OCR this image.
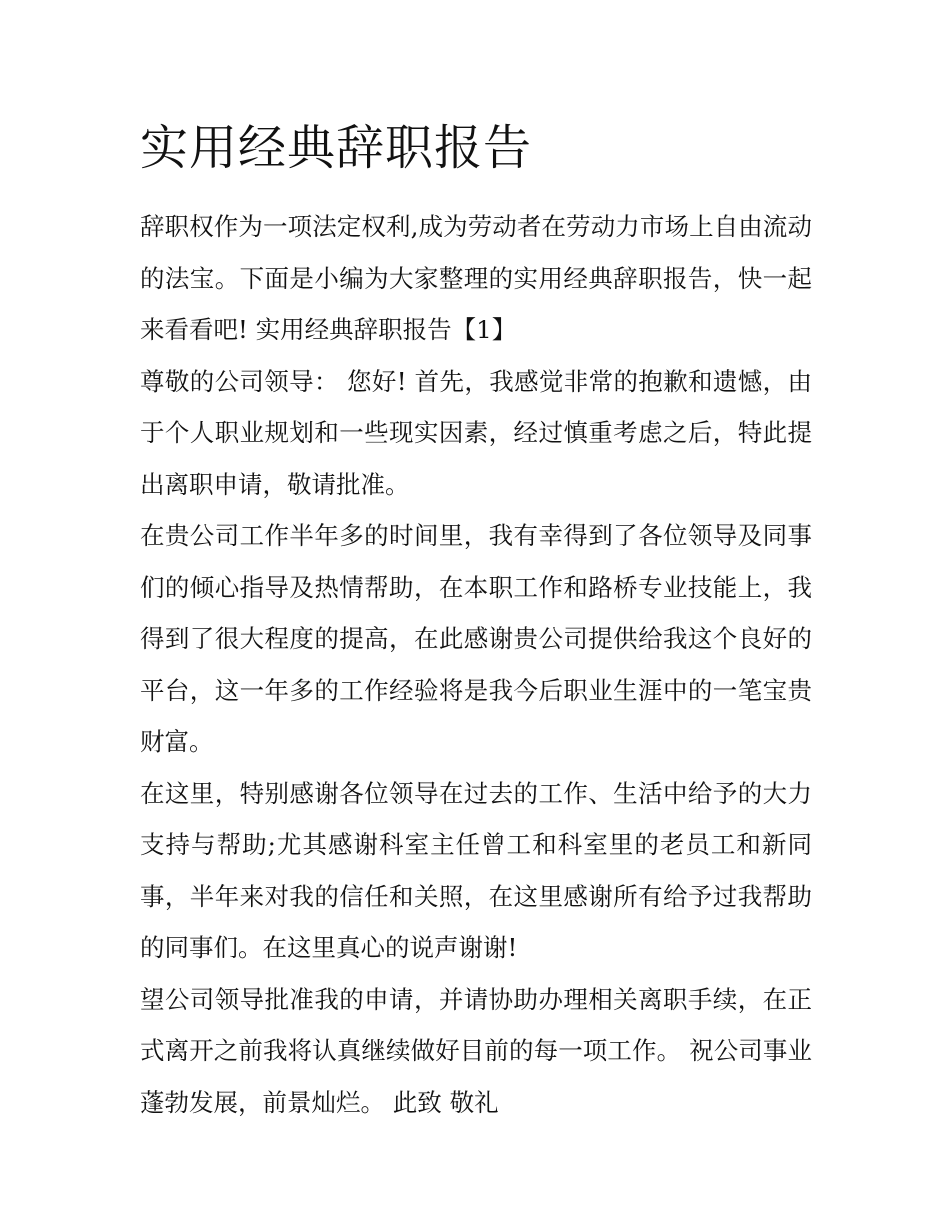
实用经典辞职报告

辞职权作为一项法定权利,成为劳动者在劳动力市场上自由流动的法宝。下面是小编为大家整理的实用经典辞职报告，快一起来看看吧! 实用经典辞职报告【1】

尊敬的公司领导： 您好! 首先，我感觉非常的抱歉和遗憾，由于个人职业规划和一些现实因素，经过慎重考虑之后，特此提出离职申请，敬请批准。

在贵公司工作半年多的时间里，我有幸得到了各位领导及同事们的倾心指导及热情帮助，在本职工作和路桥专业技能上，我得到了很大程度的提高，在此感谢贵公司提供给我这个良好的平台，这一年多的工作经验将是我今后职业生涯中的一笔宝贵财富。

在这里，特别感谢各位领导在过去的工作、生活中给予的大力支持与帮助;尤其感谢科室主任曾工和科室里的老员工和新同事，半年来对我的信任和关照，在这里感谢所有给予过我帮助的同事们。在这里真心的说声谢谢!

望公司领导批准我的申请，并请协助办理相关离职手续，在正式离开之前我将认真继续做好目前的每一项工作。 祝公司事业蓬勃发展，前景灿烂。 此致 敬礼
